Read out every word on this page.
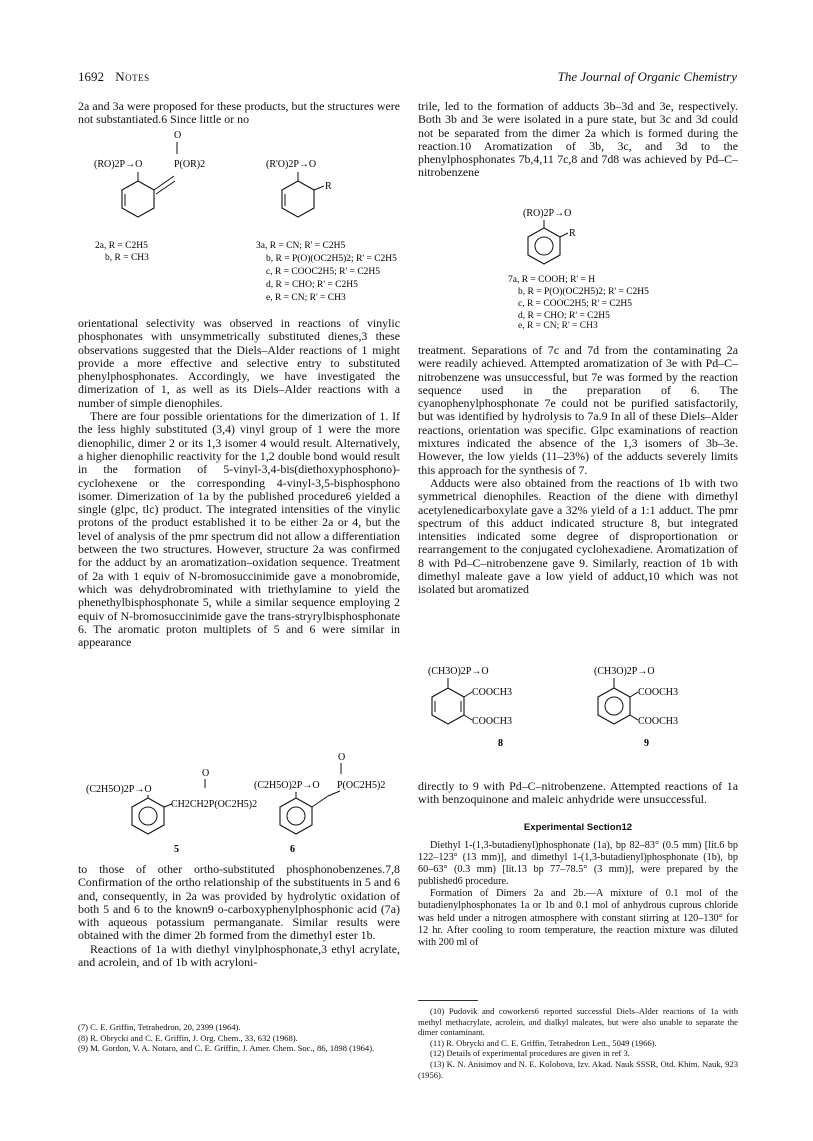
1692 Notes	The Journal of Organic Chemistry

2a and 3a were proposed for these products, but the structures were not substantiated.6 Since little or no

O
(RO)2P→O	P(OR)2
2a, R = C2H5
b, R = CH3
(R'O)2P→O
R
3a, R = CN; R' = C2H5
b, R = P(O)(OC2H5)2; R' = C2H5
c, R = COOC2H5; R' = C2H5
d, R = CHO; R' = C2H5
e, R = CN; R' = CH3

orientational selectivity was observed in reactions of vinylic phosphonates with unsymmetrically substituted dienes,3 these observations suggested that the Diels–Alder reactions of 1 might provide a more effective and selective entry to substituted phenylphosphonates. Accordingly, we have investigated the dimerization of 1, as well as its Diels–Alder reactions with a number of simple dienophiles.

There are four possible orientations for the dimerization of 1. If the less highly substituted (3,4) vinyl group of 1 were the more dienophilic, dimer 2 or its 1,3 isomer 4 would result. Alternatively, a higher dienophilic reactivity for the 1,2 double bond would result in the formation of 5-vinyl-3,4-bis(diethoxyphosphono)-cyclohexene or the corresponding 4-vinyl-3,5-bisphosphono isomer. Dimerization of 1a by the published procedure6 yielded a single (glpc, tlc) product. The integrated intensities of the vinylic protons of the product established it to be either 2a or 4, but the level of analysis of the pmr spectrum did not allow a differentiation between the two structures. However, structure 2a was confirmed for the adduct by an aromatization–oxidation sequence. Treatment of 2a with 1 equiv of N-bromosuccinimide gave a monobromide, which was dehydrobrominated with triethylamine to yield the phenethylbisphosphonate 5, while a similar sequence employing 2 equiv of N-bromosuccinimide gave the trans-stryrylbisphosphonate 6. The aromatic proton multiplets of 5 and 6 were similar in appearance

O
(C2H5O)2P→O
CH2CH2P(OC2H5)2
5
O
(C2H5O)2P→O P(OC2H5)2
6

to those of other ortho-substituted phosphonobenzenes.7,8 Confirmation of the ortho relationship of the substituents in 5 and 6 and, consequently, in 2a was provided by hydrolytic oxidation of both 5 and 6 to the known9 o-carboxyphenylphosphonic acid (7a) with aqueous potassium permanganate. Similar results were obtained with the dimer 2b formed from the dimethyl ester 1b.

Reactions of 1a with diethyl vinylphosphonate,3 ethyl acrylate, and acrolein, and of 1b with acryloni-

(7) C. E. Griffin, Tetrahedron, 20, 2399 (1964).

(8) R. Obrycki and C. E. Griffin, J. Org. Chem., 33, 632 (1968).

(9) M. Gordon, V. A. Notaro, and C. E. Griffin, J. Amer. Chem. Soc., 86, 1898 (1964).

trile, led to the formation of adducts 3b–3d and 3e, respectively. Both 3b and 3e were isolated in a pure state, but 3c and 3d could not be separated from the dimer 2a which is formed during the reaction.10 Aromatization of 3b, 3c, and 3d to the phenylphosphonates 7b,4,11 7c,8 and 7d8 was achieved by Pd–C–nitrobenzene

(RO)2P→O
R
7a, R = COOH; R' = H
b, R = P(O)(OC2H5)2; R' = C2H5
c, R = COOC2H5; R' = C2H5
d, R = CHO; R' = C2H5
e, R = CN; R' = CH3

treatment. Separations of 7c and 7d from the contaminating 2a were readily achieved. Attempted aromatization of 3e with Pd–C–nitrobenzene was unsuccessful, but 7e was formed by the reaction sequence used in the preparation of 6. The cyanophenylphosphonate 7e could not be purified satisfactorily, but was identified by hydrolysis to 7a.9 In all of these Diels–Alder reactions, orientation was specific. Glpc examinations of reaction mixtures indicated the absence of the 1,3 isomers of 3b–3e. However, the low yields (11–23%) of the adducts severely limits this approach for the synthesis of 7.

Adducts were also obtained from the reactions of 1b with two symmetrical dienophiles. Reaction of the diene with dimethyl acetylenedicarboxylate gave a 32% yield of a 1:1 adduct. The pmr spectrum of this adduct indicated structure 8, but integrated intensities indicated some degree of disproportionation or rearrangement to the conjugated cyclohexadiene. Aromatization of 8 with Pd–C–nitrobenzene gave 9. Similarly, reaction of 1b with dimethyl maleate gave a low yield of adduct,10 which was not isolated but aromatized

(CH3O)2P→O
COOCH3
COOCH3
8
(CH3O)2P→O
COOCH3
COOCH3
9

directly to 9 with Pd–C–nitrobenzene. Attempted reactions of 1a with benzoquinone and maleic anhydride were unsuccessful.

Experimental Section12

Diethyl 1-(1,3-butadienyl)phosphonate (1a), bp 82–83° (0.5 mm) [lit.6 bp 122–123° (13 mm)], and dimethyl 1-(1,3-butadienyl)phosphonate (1b), bp 60–63° (0.3 mm) [lit.13 bp 77–78.5° (3 mm)], were prepared by the published6 procedure.

Formation of Dimers 2a and 2b.—A mixture of 0.1 mol of the butadienylphosphonates 1a or 1b and 0.1 mol of anhydrous cuprous chloride was held under a nitrogen atmosphere with constant stirring at 120–130° for 12 hr. After cooling to room temperature, the reaction mixture was diluted with 200 ml of

(10) Pudovik and coworkers6 reported successful Diels–Alder reactions of 1a with methyl methacrylate, acrolein, and dialkyl maleates, but were also unable to separate the dimer contaminant.

(11) R. Obrycki and C. E. Griffin, Tetrahedron Lett., 5049 (1966).

(12) Details of experimental procedures are given in ref 3.

(13) K. N. Anisimov and N. E. Kolobova, Izv. Akad. Nauk SSSR, Otd. Khim. Nauk, 923 (1956).
